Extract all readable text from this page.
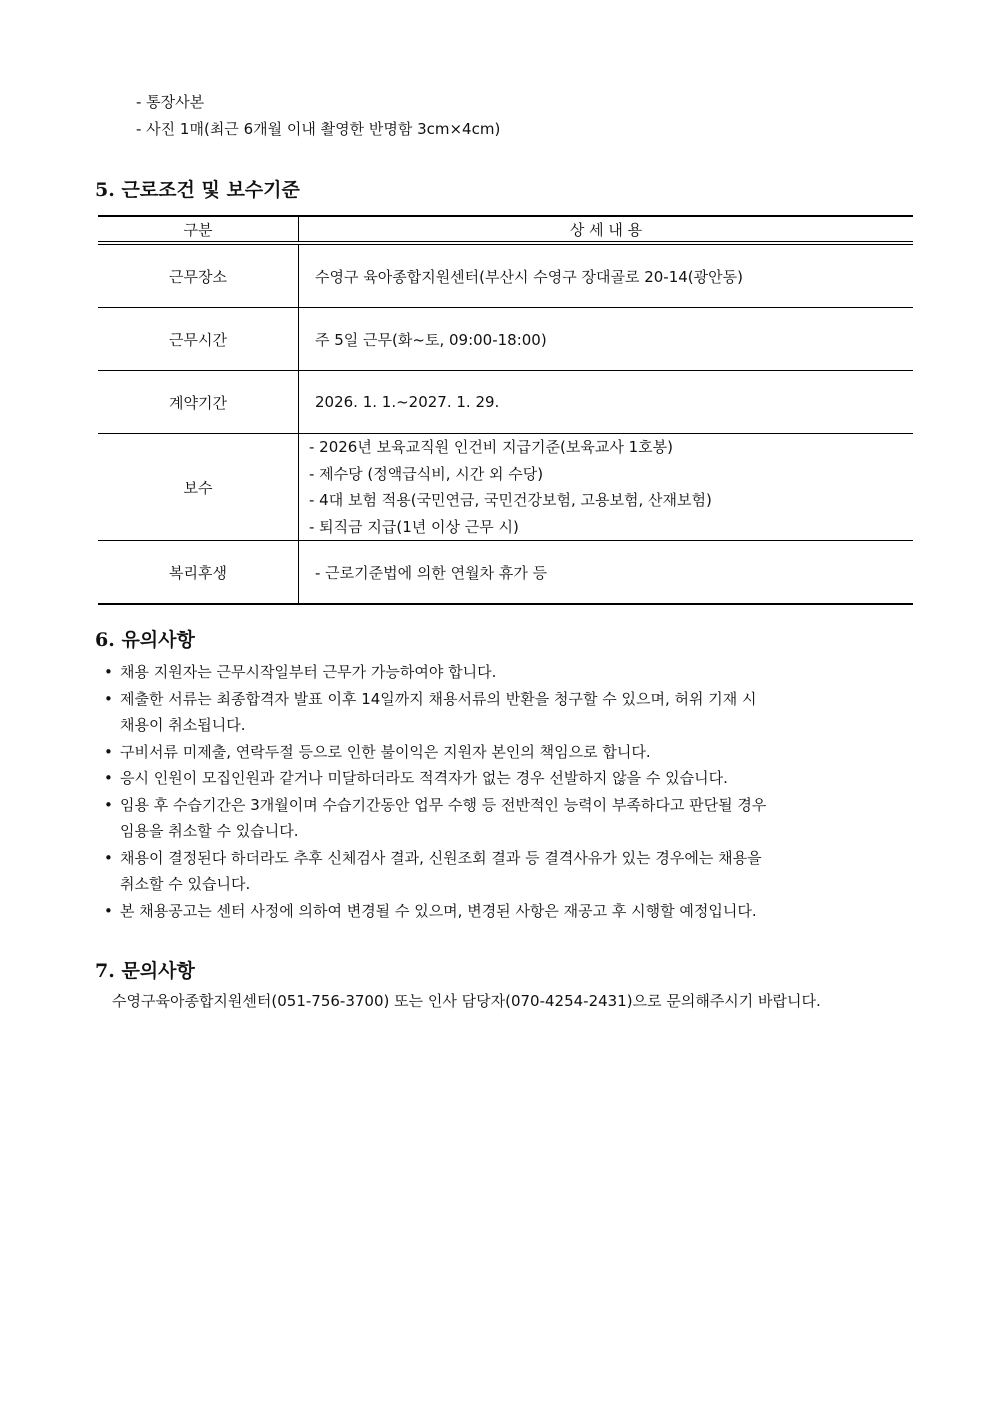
- 통장사본
- 사진 1매(최근 6개월 이내 촬영한 반명함 3cm×4cm)
5. 근로조건 및 보수기준
구분	상 세 내 용
근무장소	수영구 육아종합지원센터(부산시 수영구 장대골로 20-14(광안동)
근무시간	주 5일 근무(화~토, 09:00-18:00)
계약기간	2026. 1. 1.~2027. 1. 29.
보수	- 2026년 보육교직원 인건비 지급기준(보육교사 1호봉)
- 제수당 (정액급식비, 시간 외 수당)
- 4대 보험 적용(국민연금, 국민건강보험, 고용보험, 산재보험)
- 퇴직금 지급(1년 이상 근무 시)

복리후생	- 근로기준법에 의한 연월차 휴가 등
6. 유의사항
• 채용 지원자는 근무시작일부터 근무가 가능하여야 합니다.
• 제출한 서류는 최종합격자 발표 이후 14일까지 채용서류의 반환을 청구할 수 있으며, 허위 기재 시
채용이 취소됩니다.
• 구비서류 미제출, 연락두절 등으로 인한 불이익은 지원자 본인의 책임으로 합니다.
• 응시 인원이 모집인원과 같거나 미달하더라도 적격자가 없는 경우 선발하지 않을 수 있습니다.
• 임용 후 수습기간은 3개월이며 수습기간동안 업무 수행 등 전반적인 능력이 부족하다고 판단될 경우
임용을 취소할 수 있습니다.
• 채용이 결정된다 하더라도 추후 신체검사 결과, 신원조회 결과 등 결격사유가 있는 경우에는 채용을
취소할 수 있습니다.
• 본 채용공고는 센터 사정에 의하여 변경될 수 있으며, 변경된 사항은 재공고 후 시행할 예정입니다.
7. 문의사항
수영구육아종합지원센터(051-756-3700) 또는 인사 담당자(070-4254-2431)으로 문의해주시기 바랍니다.
